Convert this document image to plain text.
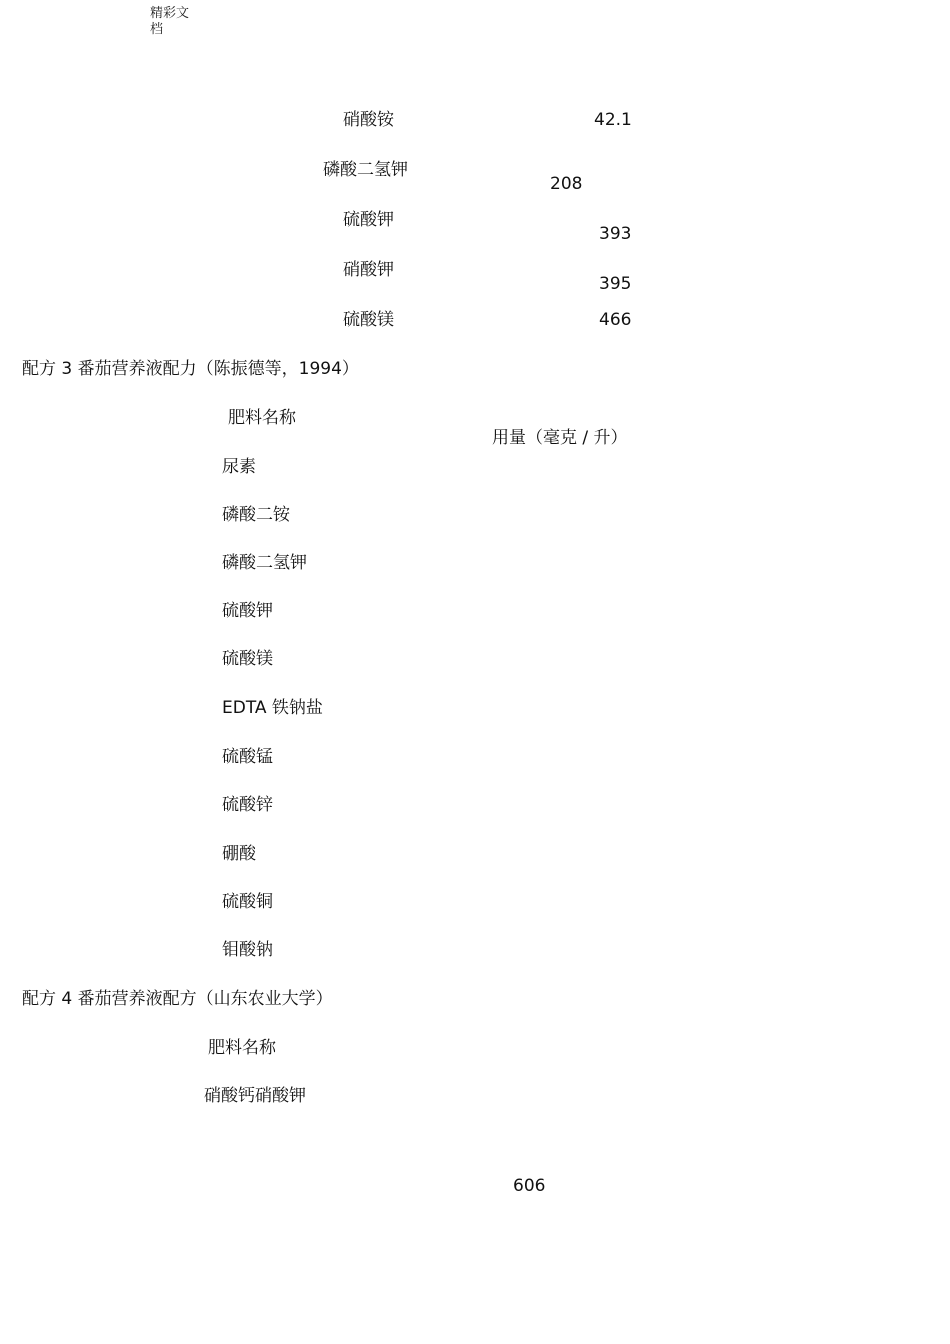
精彩文
档
硝酸铵	42.1
磷酸二氢钾
208
硫酸钾
393
硝酸钾
395
硫酸镁	466
配方 3 番茄营养液配力（陈振德等，1994）
肥料名称
用量（毫克 / 升）
尿素
磷酸二铵
磷酸二氢钾
硫酸钾
硫酸镁
EDTA 铁钠盐
硫酸锰
硫酸锌
硼酸
硫酸铜
钼酸钠
配方 4 番茄营养液配方（山东农业大学）
肥料名称
硝酸钙硝酸钾
606
